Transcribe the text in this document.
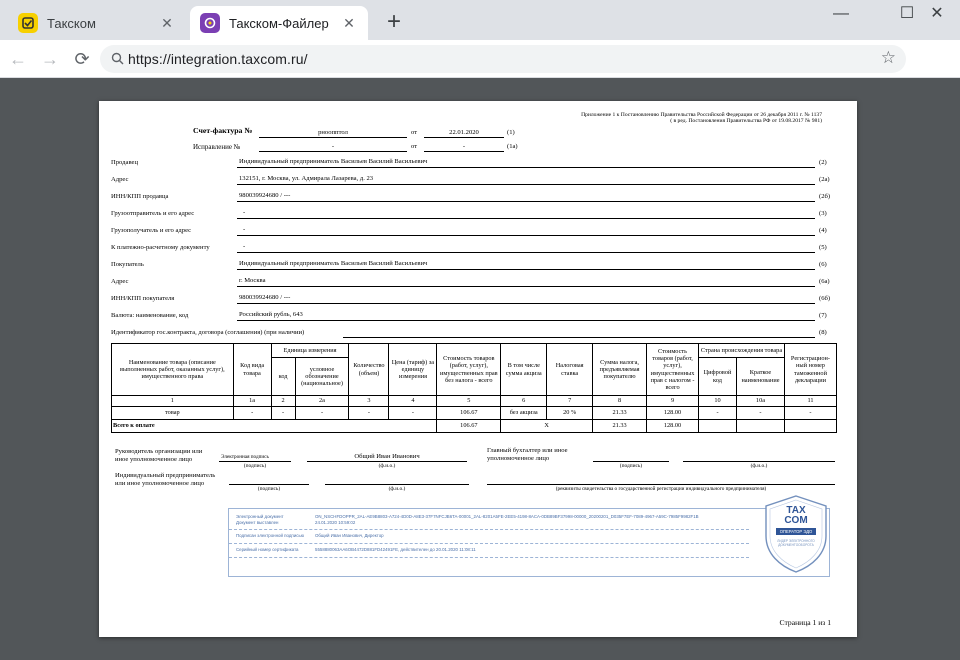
Такском	✕	Такском-Файлер	✕ +	—	☐	✕
← → ⟳	https://integration.taxcom.ru/	☆
Приложение 1 к Постановлению Правительства Российской Федерации от 26 декабря 2011 г. № 1137
( в ред. Постановления Правительства РФ от 19.08.2017 № 981)
Счет-фактура №	рноопптол	от	22.01.2020	(1)
Исправление №	-	от	-	(1а)
Продавец	Индивидуальный предприниматель Васильев Василий Васильевич	(2)
Адрес	132151, г. Москва, ул. Адмирала Лазарева, д. 23	(2а)
ИНН/КПП продавца	980039924680 / ---	(2б)
Грузоотправитель и его адрес	-	(3)
Грузополучатель и его адрес	-	(4)
К платежно-расчетному документу	-	(5)
Покупатель	Индивидуальный предприниматель Васильев Василий Васильевич	(6)
Адрес	г. Москва	(6а)
ИНН/КПП покупателя	980039924680 / ---	(6б)
Валюта: наименование, код	Российский рубль, 643	(7)
Идентификатор гос.контракта, договора (соглашения) (при наличии)	(8)
Наименование товара (описание выполненных работ, оказанных услуг), имущественного права	Код вида товара	Единица измерения		Количество (объем)	Цена (тариф) за единицу измерения	Стоимость товаров (работ, услуг), имущественных прав без налога - всего	В том числе сумма акциза	Налоговая ставка	Сумма налога, предъявляемая покупателю	Стоимость товаров (работ, услуг), имущественных прав с налогом - всего	Страна происхождения товара		Регистрацион-ный номер таможенной декларации
		код	условное обозначение (национальное)								Цифровой код	Краткое наименование	
1	1а	2	2а	3	4	5	6	7	8	9	10	10а	11
товар	-	-	-	-	-	106.67	без акциза	20 %	21.33	128.00	-	-	-
Всего к оплате						106.67	X		21.33	128.00			
Руководитель организации или иное уполномоченное лицо	Электронная подпись
(подпись)
Общий Иван Иванович
(ф.и.о.)
Главный бухгалтер или иное уполномоченное лицо
(подпись)	(ф.и.о.)
Индивидуальный предприниматель или иное уполномоченное лицо
(подпись)	(ф.и.о.)	(реквизиты свидетельства о государственной регистрации индивидуального предпринимателя)
Электронный документ	ON_NSCHFDOPPR_2AL-AE9B8803-A724-4D0D-A8E3-37F7NFCJB6TA-00001_2AL-8201A5FE-2EE5-4198-8ACA-0DB89BF37998-00000_20200201_D035F7EF-7089-4967-A59C-7985F9982F1B
Документ выставлен	24.01.2020 10:59:02
Подписан электронной подписью Общий Иван Иванович, Директор
Серийный номер сертификата	5558880063AA6OB4472D881FD42491FE, действителен до 20.01.2020 11:08:11
TAX
COM
ОПЕРАТОР ЭДО
ЛИДЕР ЭЛЕКТРОННОГО ДОКУМЕНТООБОРОТА
Страница 1 из 1
